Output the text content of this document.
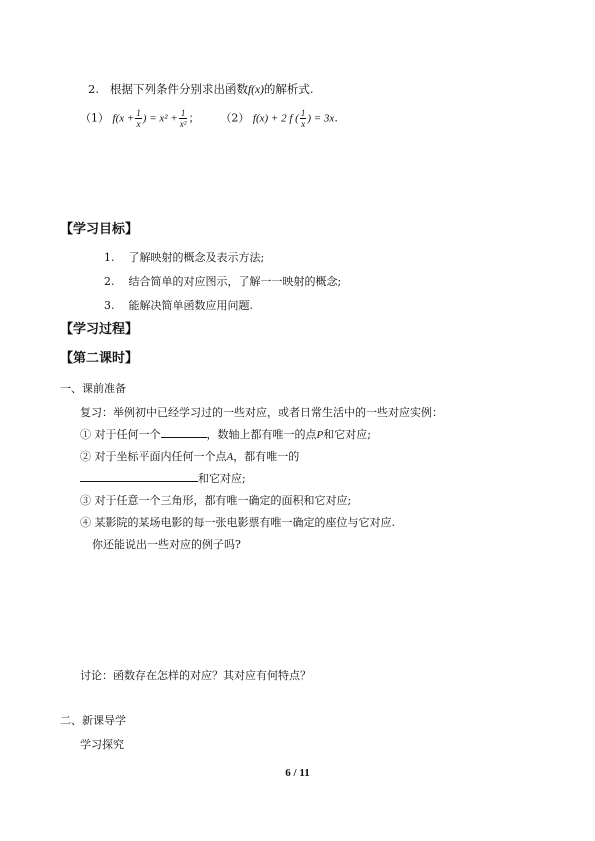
2. 根据下列条件分别求出函数f(x)的解析式.
（1） $f(x + \frac{1}{x}$ ) = $x^2 + \frac{1}{\text{x²}}$ ； （2） f(x) + 2 f ( $\frac{1}{x}$ ) = 3x.
【学习目标】
1. 了解映射的概念及表示方法;
2. 结合简单的对应图示，了解一一映射的概念;
3. 能解决简单函数应用问题.
【学习过程】
【第二课时】
一、课前准备
复习：举例初中已经学习过的一些对应，或者日常生活中的一些对应实例：
① 对于任何一个	，数轴上都有唯一的点P和它对应;
② 对于坐标平面内任何一个点A，都有唯一的
和它对应;
③ 对于任意一个三角形，都有唯一确定的面积和它对应;
④ 某影院的某场电影的每一张电影票有唯一确定的座位与它对应.
你还能说出一些对应的例子吗?
讨论：函数存在怎样的对应？其对应有何特点？
二、新课导学
学习探究
6 / 11
